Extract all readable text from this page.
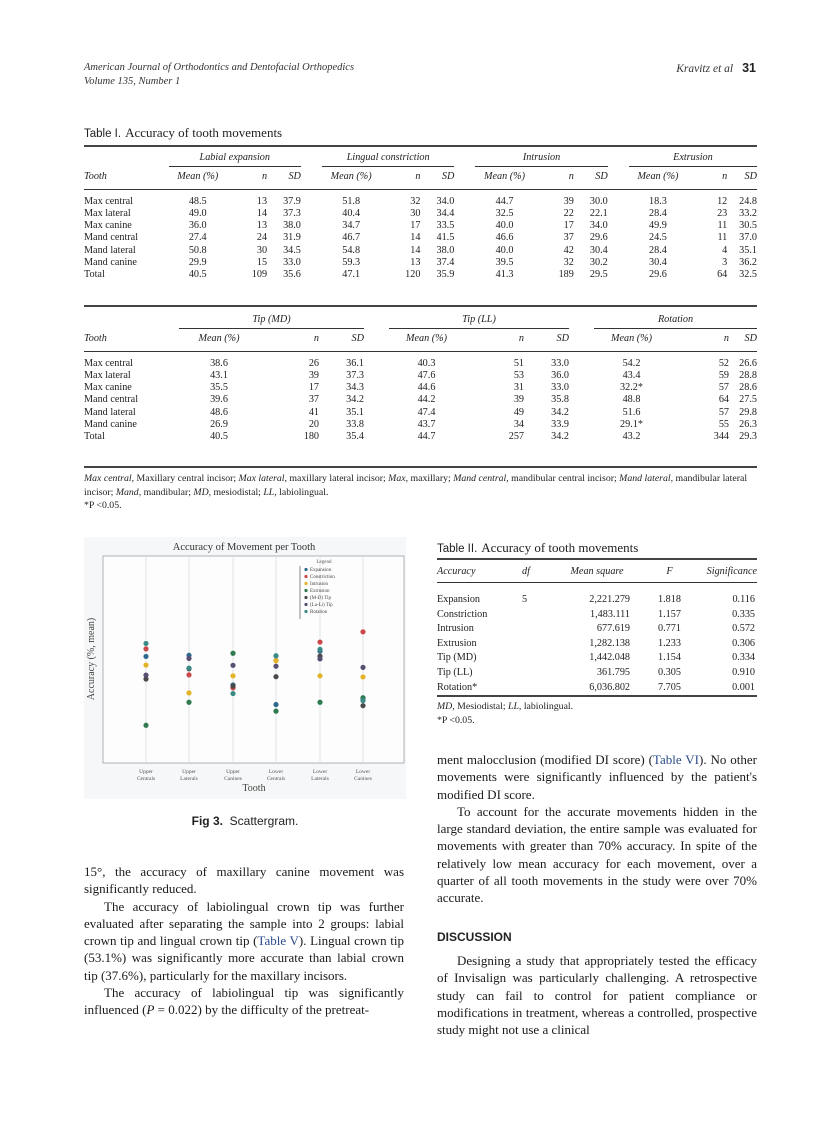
American Journal of Orthodontics and Dentofacial Orthopedics
Volume 135, Number 1
Kravitz et al 31
Table I. Accuracy of tooth movements
	Labial expansion				Lingual constriction				Intrusion				Extrusion		
Tooth	Mean (%)	n	SD		Mean (%)	n	SD		Mean (%)	n	SD		Mean (%)	n	SD

Max central	48.5	13	37.9		51.8	32	34.0		44.7	39	30.0		18.3	12	24.8
Max lateral	49.0	14	37.3		40.4	30	34.4		32.5	22	22.1		28.4	23	33.2
Max canine	36.0	13	38.0		34.7	17	33.5		40.0	17	34.0		49.9	11	30.5
Mand central	27.4	24	31.9		46.7	14	41.5		46.6	37	29.6		24.5	11	37.0
Mand lateral	50.8	30	34.5		54.8	14	38.0		40.0	42	30.4		28.4	4	35.1
Mand canine	29.9	15	33.0		59.3	13	37.4		39.5	32	30.2		30.4	3	36.2
Total	40.5	109	35.6		47.1	120	35.9		41.3	189	29.5		29.6	64	32.5
	Tip (MD)				Tip (LL)				Rotation		
Tooth	Mean (%)	n	SD		Mean (%)	n	SD		Mean (%)	n	SD

Max central	38.6	26	36.1		40.3	51	33.0		54.2	52	26.6
Max lateral	43.1	39	37.3		47.6	53	36.0		43.4	59	28.8
Max canine	35.5	17	34.3		44.6	31	33.0		32.2*	57	28.6
Mand central	39.6	37	34.2		44.2	39	35.8		48.8	64	27.5
Mand lateral	48.6	41	35.1		47.4	49	34.2		51.6	57	29.8
Mand canine	26.9	20	33.8		43.7	34	33.9		29.1*	55	26.3
Total	40.5	180	35.4		44.7	257	34.2		43.2	344	29.3
Max central, Maxillary central incisor; Max lateral, maxillary lateral incisor; Max, maxillary; Mand central, mandibular central incisor; Mand lateral, mandibular lateral incisor; Mand, mandibular; MD, mesiodistal; LL, labiolingual.
*P <0.05.
Accuracy of Movement per Tooth
Accuracy (%, mean)
Tooth
Upper
Centrals
Upper
Laterals
Upper
Canines
Lower
Centrals
Lower
Laterals
Lower
Canines
Legend
Expansion
Constriction
Intrusion
Extrusion
(M-D) Tip
(La-Li) Tip
Rotation
Fig 3. Scattergram.
Table II. Accuracy of tooth movements
Accuracy	df	Mean square	F	Significance

Expansion	5	2,221.279	1.818	0.116
Constriction		1,483.111	1.157	0.335
Intrusion		677.619	0.771	0.572
Extrusion		1,282.138	1.233	0.306
Tip (MD)		1,442.048	1.154	0.334
Tip (LL)		361.795	0.305	0.910
Rotation*		6,036.802	7.705	0.001
MD, Mesiodistal; LL, labiolingual.
*P <0.05.

15°, the accuracy of maxillary canine movement was significantly reduced.

The accuracy of labiolingual crown tip was further evaluated after separating the sample into 2 groups: labial crown tip and lingual crown tip (Table V). Lingual crown tip (53.1%) was significantly more accurate than labial crown tip (37.6%), particularly for the maxillary incisors.

The accuracy of labiolingual tip was significantly influenced (P = 0.022) by the difficulty of the pretreat-

ment malocclusion (modified DI score) (Table VI). No other movements were significantly influenced by the patient's modified DI score.

To account for the accurate movements hidden in the large standard deviation, the entire sample was evaluated for movements with greater than 70% accuracy. In spite of the relatively low mean accuracy for each movement, over a quarter of all tooth movements in the study were over 70% accurate.

DISCUSSION

Designing a study that appropriately tested the efficacy of Invisalign was particularly challenging. A retrospective study can fail to control for patient compliance or modifications in treatment, whereas a controlled, prospective study might not use a clinical
